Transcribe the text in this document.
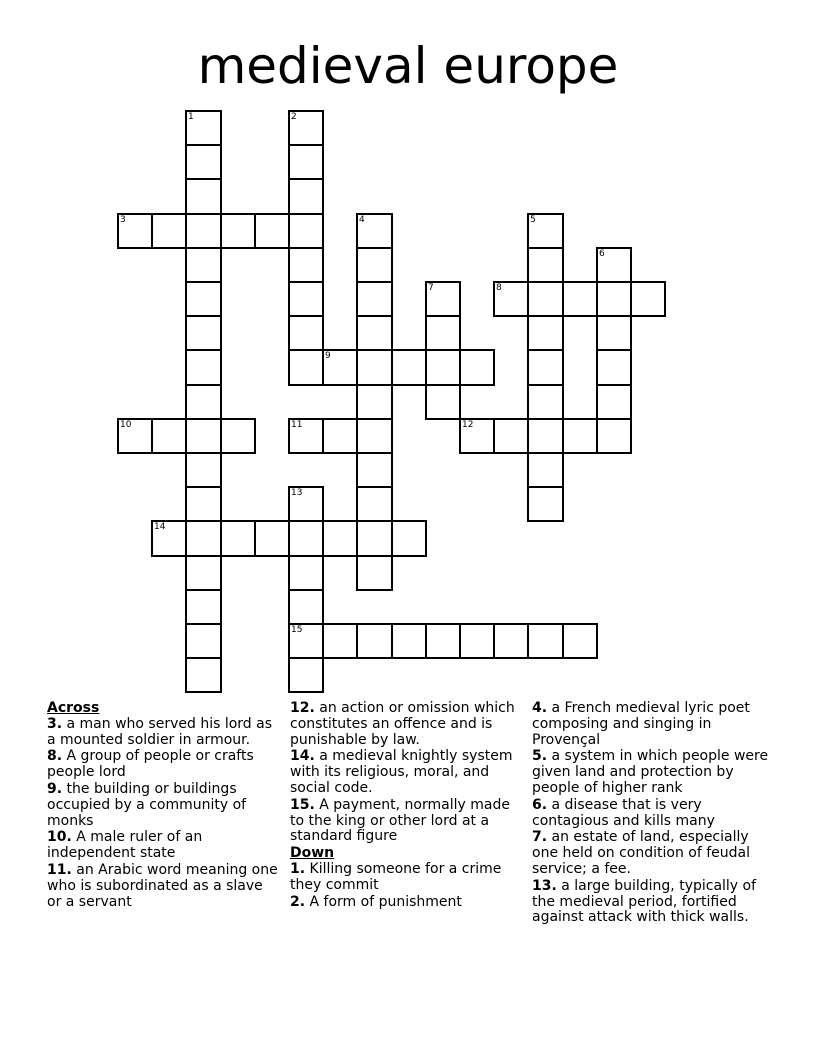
medieval europe
1	2
3	4	5
6
7	8
9
10	11	12
13
15
14
Across
3. a man who served his lord as a mounted soldier in armour.
8. A group of people or crafts people lord
9. the building or buildings occupied by a community of monks
10. A male ruler of an independent state
11. an Arabic word meaning one who is subordinated as a slave or a servant
12. an action or omission which constitutes an offence and is punishable by law.
14. a medieval knightly system with its religious, moral, and social code.
15. A payment, normally made to the king or other lord at a standard figure
Down
1. Killing someone for a crime they commit
2. A form of punishment
4. a French medieval lyric poet composing and singing in Provençal
5. a system in which people were given land and protection by people of higher rank
6. a disease that is very contagious and kills many
7. an estate of land, especially one held on condition of feudal service; a fee.
13. a large building, typically of the medieval period, fortified against attack with thick walls.
